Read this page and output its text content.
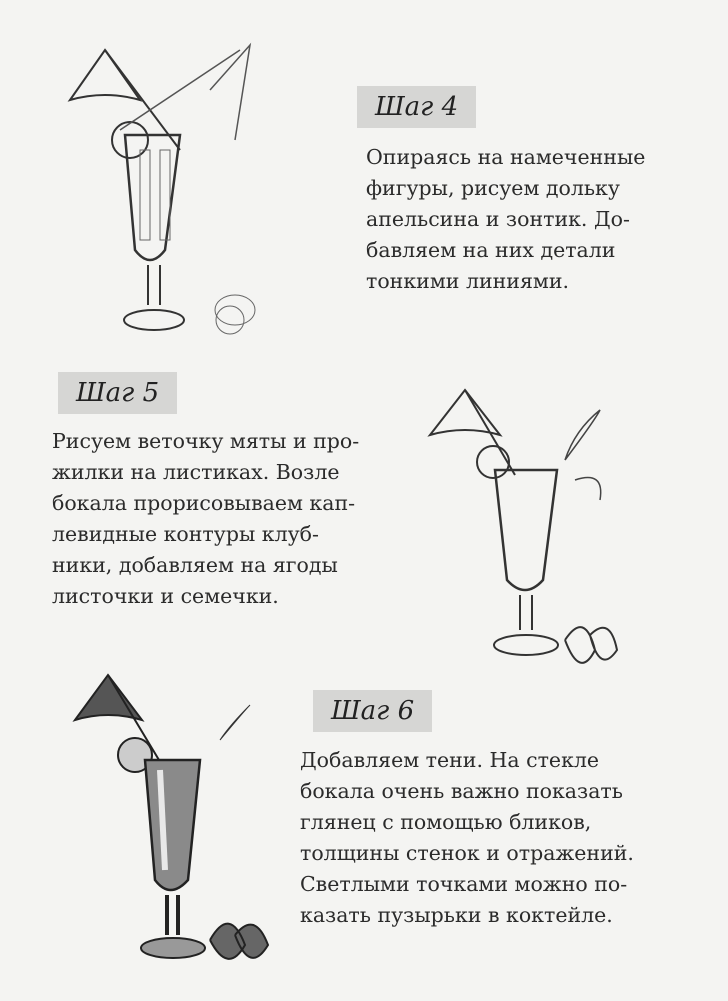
Шаг 4
Опираясь на намеченные
фигуры, рисуем дольку
апельсина и зонтик. До-
бавляем на них детали
тонкими линиями.
Шаг 5
Рисуем веточку мяты и про-
жилки на листиках. Возле
бокала прорисовываем кап-
левидные контуры клуб-
ники, добавляем на ягоды
листочки и семечки.
Шаг 6
Добавляем тени. На стекле
бокала очень важно показать
глянец с помощью бликов,
толщины стенок и отражений.
Светлыми точками можно по-
казать пузырьки в коктейле.
